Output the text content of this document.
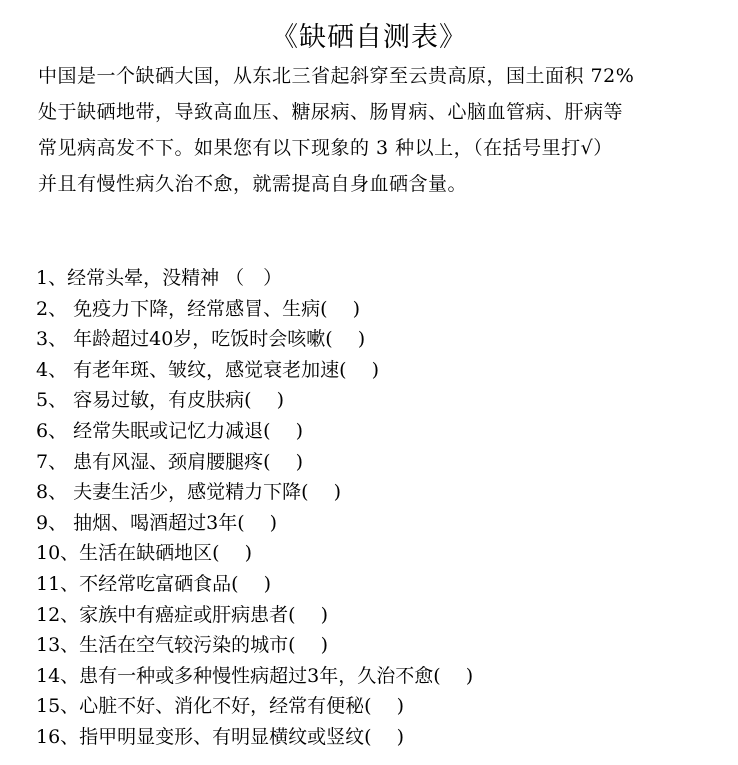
《缺硒自测表》
中国是一个缺硒大国，从东北三省起斜穿至云贵高原，国土面积 72%
处于缺硒地带，导致高血压、糖尿病、肠胃病、心脑血管病、肝病等
常见病高发不下。如果您有以下现象的 3 种以上，（在括号里打√）
并且有慢性病久治不愈，就需提高自身血硒含量。
1、经常头晕，没精神 （　）
2、 免疫力下降，经常感冒、生病(　 )
3、 年龄超过40岁，吃饭时会咳嗽(　 )
4、 有老年斑、皱纹，感觉衰老加速(　 )
5、 容易过敏，有皮肤病(　 )
6、 经常失眠或记忆力减退(　 )
7、 患有风湿、颈肩腰腿疼(　 )
8、 夫妻生活少，感觉精力下降(　 )
9、 抽烟、喝酒超过3年(　 )
10、生活在缺硒地区(　 )
11、不经常吃富硒食品(　 )
12、家族中有癌症或肝病患者(　 )
13、生活在空气较污染的城市(　 )
14、患有一种或多种慢性病超过3年，久治不愈(　 )
15、心脏不好、消化不好，经常有便秘(　 )
16、指甲明显变形、有明显横纹或竖纹(　 )
